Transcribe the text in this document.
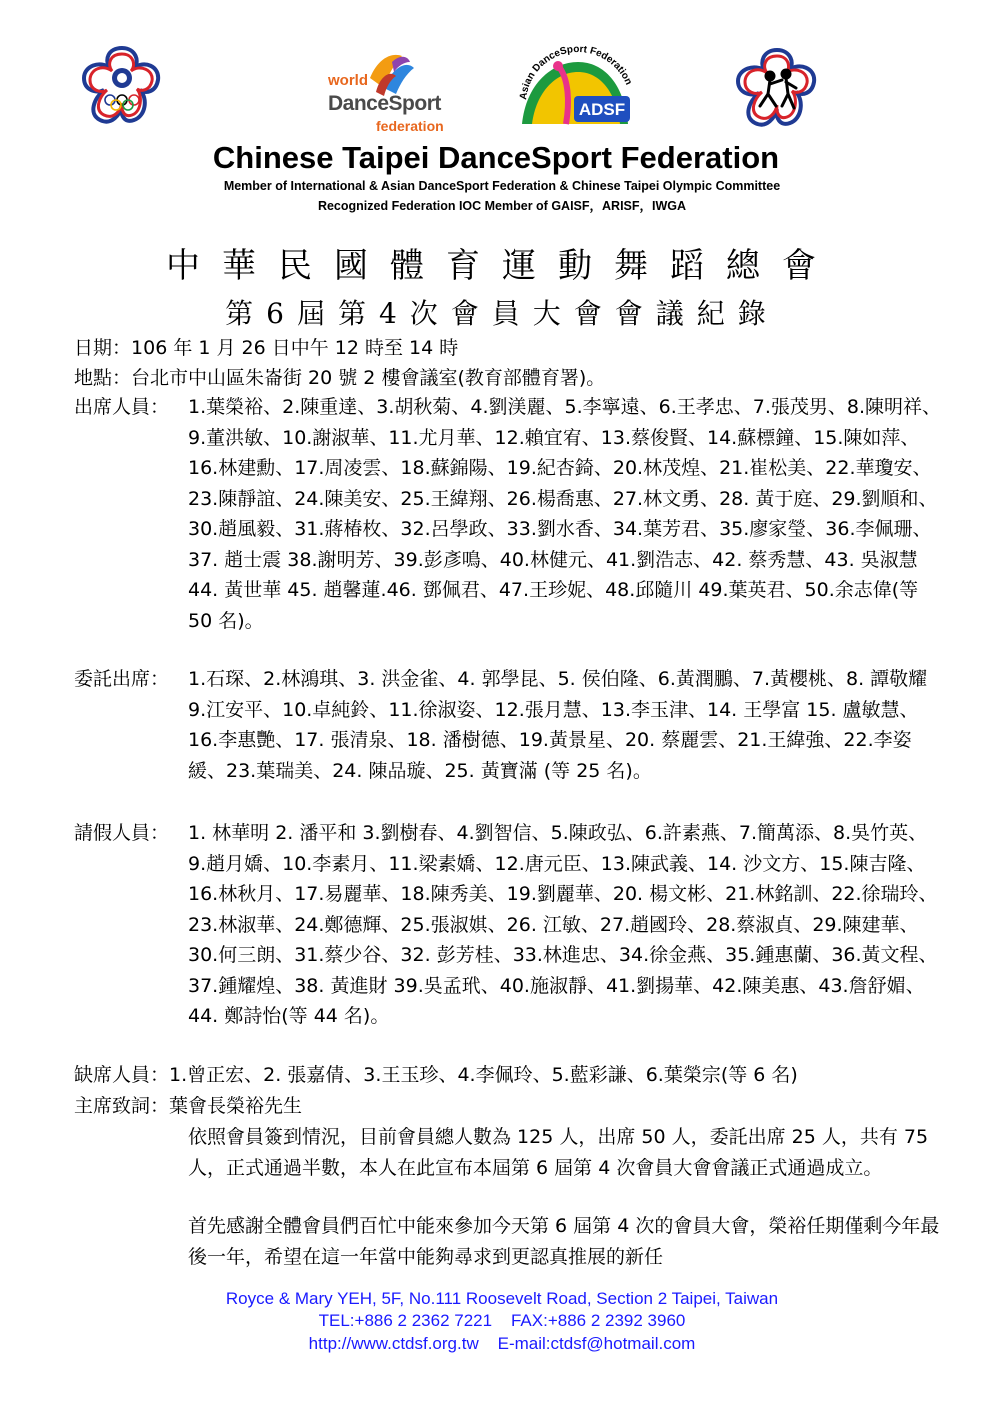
world
DanceSport
federation
Asian DanceSport Federation
ADSF
Chinese Taipei DanceSport Federation
Member of International & Asian DanceSport Federation & Chinese Taipei Olympic Committee
Recognized Federation IOC Member of GAISF，ARISF，IWGA
中華民國體育運動舞蹈總會
第6屆第4次會員大會會議紀錄
日期：106 年 1 月 26 日中午 12 時至 14 時
地點：台北市中山區朱崙街 20 號 2 樓會議室(教育部體育署)。
出席人員： 1.葉榮裕、2.陳重達、3.胡秋菊、4.劉渼麗、5.李寧遠、6.王孝忠、7.張茂男、8.陳明祥、9.董洪敏、10.謝淑華、11.尤月華、12.賴宜宥、13.蔡俊賢、14.蘇標鐘、15.陳如萍、16.林建勳、17.周凌雲、18.蘇錦陽、19.紀杏錡、20.林茂煌、21.崔松美、22.華瓊安、23.陳靜誼、24.陳美安、25.王緯翔、26.楊喬惠、27.林文勇、28. 黃于庭、29.劉順和、30.趙風毅、31.蔣椿枚、32.呂學政、33.劉水香、34.葉芳君、35.廖家瑩、36.李佩珊、37. 趙士震 38.謝明芳、39.彭彥鳴、40.林健元、41.劉浩志、42. 蔡秀慧、43. 吳淑慧 44. 黃世華 45. 趙馨蓮.46. 鄧佩君、47.王珍妮、48.邱隨川 49.葉英君、50.余志偉(等 50 名)。
委託出席： 1.石琛、2.林鴻琪、3. 洪金雀、4. 郭學昆、5. 侯伯隆、6.黃潤鵬、7.黃櫻桃、8. 譚敬耀 9.江安平、10.卓純鈴、11.徐淑姿、12.張月慧、13.李玉津、14. 王學富 15. 盧敏慧、16.李惠艷、17. 張清泉、18. 潘樹德、19.黃景星、20. 蔡麗雲、21.王緯強、22.李姿緩、23.葉瑞美、24. 陳品璇、25. 黃寶滿 (等 25 名)。
請假人員： 1. 林華明 2. 潘平和 3.劉樹春、4.劉智信、5.陳政弘、6.許素燕、7.簡萬添、8.吳竹英、9.趙月嬌、10.李素月、11.梁素嬌、12.唐元臣、13.陳武義、14. 沙文方、15.陳吉隆、16.林秋月、17.易麗華、18.陳秀美、19.劉麗華、20. 楊文彬、21.林銘訓、22.徐瑞玲、23.林淑華、24.鄭德輝、25.張淑娸、26. 江敏、27.趙國玲、28.蔡淑貞、29.陳建華、30.何三朗、31.蔡少谷、32. 彭芳桂、33.林進忠、34.徐金燕、35.鍾惠蘭、36.黃文程、37.鍾耀煌、38. 黃進財 39.吳孟玳、40.施淑靜、41.劉揚華、42.陳美惠、43.詹舒媚、44. 鄭詩怡(等 44 名)。
缺席人員：1.曾正宏、2. 張嘉倩、3.王玉珍、4.李佩玲、5.藍彩謙、6.葉榮宗(等 6 名)
主席致詞：葉會長榮裕先生
依照會員簽到情況，目前會員總人數為 125 人，出席 50 人，委託出席 25 人，共有 75 人，正式通過半數，本人在此宣布本屆第 6 屆第 4 次會員大會會議正式通過成立。
首先感謝全體會員們百忙中能來參加今天第 6 屆第 4 次的會員大會，榮裕任期僅剩今年最後一年，希望在這一年當中能夠尋求到更認真推展的新任
Royce & Mary YEH, 5F, No.111 Roosevelt Road, Section 2 Taipei, Taiwan
TEL:+886 2 2362 7221    FAX:+886 2 2392 3960
http://www.ctdsf.org.tw    E-mail:ctdsf@hotmail.com
